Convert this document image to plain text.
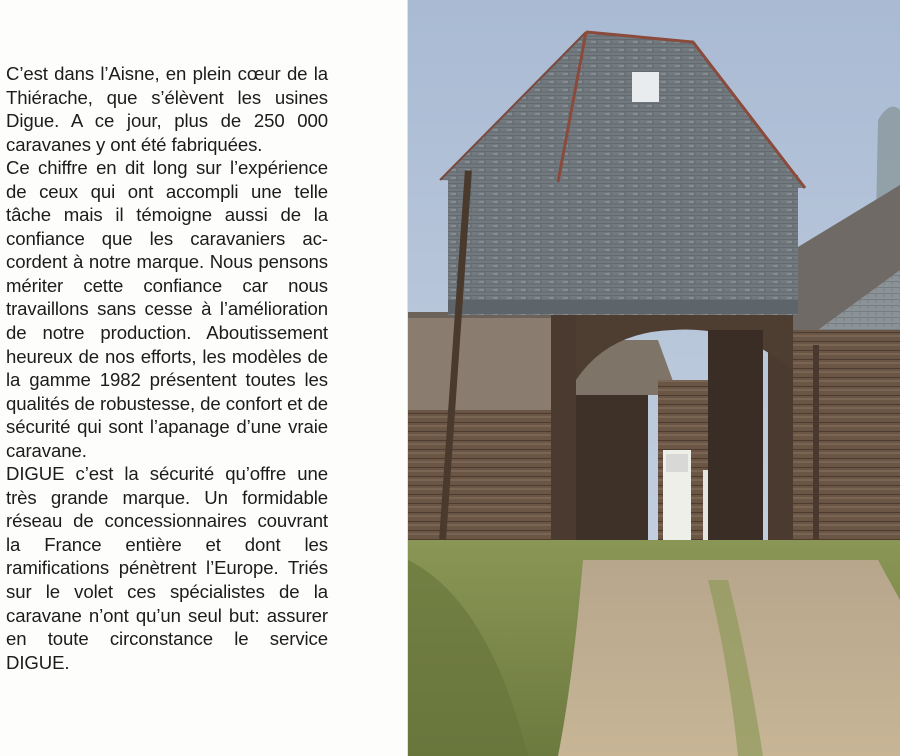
C’est dans l’Aisne, en plein cœur de la Thiérache, que s’élèvent les usines Digue. A ce jour, plus de 250 000 caravanes y ont été fabriquées.

Ce chiffre en dit long sur l’expérience de ceux qui ont accompli une telle tâche mais il témoigne aussi de la confiance que les caravaniers accordent à notre marque. Nous pensons mériter cette confiance car nous travaillons sans cesse à l’amélioration de notre production. Aboutissement heureux de nos efforts, les modèles de la gamme 1982 présentent toutes les qualités de robustesse, de confort et de sécurité qui sont l’apanage d’une vraie caravane.

DIGUE c’est la sécurité qu’offre une très grande marque. Un formidable réseau de concessionnaires couvrant la France entière et dont les ramifications pénètrent l’Europe. Triés sur le volet ces spécialistes de la caravane n’ont qu’un seul but: assurer en toute circonstance le service DIGUE.
